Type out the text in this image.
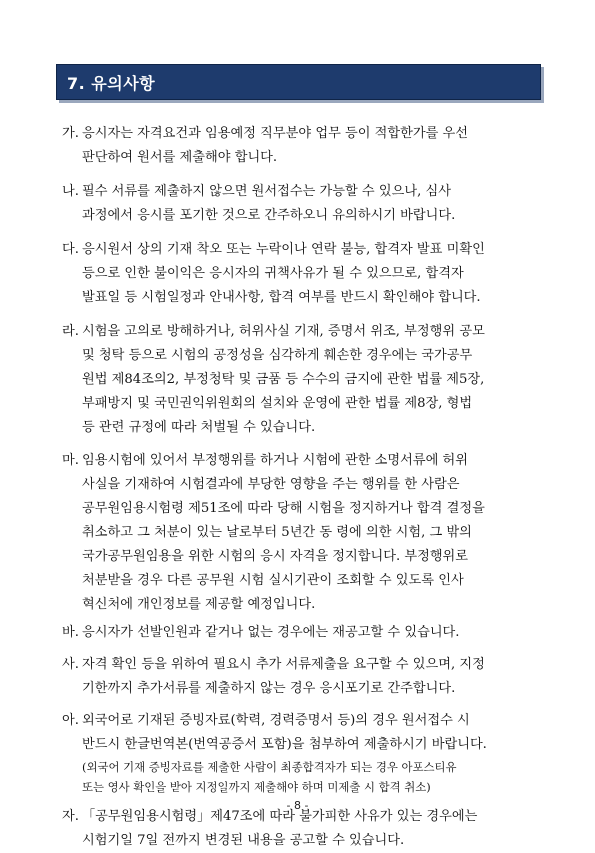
7. 유의사항
가. 응시자는 자격요건과 임용예정 직무분야 업무 등이 적합한가를 우선
판단하여 원서를 제출해야 합니다.
나. 필수 서류를 제출하지 않으면 원서접수는 가능할 수 있으나, 심사
과정에서 응시를 포기한 것으로 간주하오니 유의하시기 바랍니다.
다. 응시원서 상의 기재 착오 또는 누락이나 연락 불능, 합격자 발표 미확인
등으로 인한 불이익은 응시자의 귀책사유가 될 수 있으므로, 합격자
발표일 등 시험일정과 안내사항, 합격 여부를 반드시 확인해야 합니다.
라. 시험을 고의로 방해하거나, 허위사실 기재, 증명서 위조, 부정행위 공모
및 청탁 등으로 시험의 공정성을 심각하게 훼손한 경우에는 국가공무
원법 제84조의2, 부정청탁 및 금품 등 수수의 금지에 관한 법률 제5장,
부패방지 및 국민권익위원회의 설치와 운영에 관한 법률 제8장, 형법
등 관련 규정에 따라 처벌될 수 있습니다.
마. 임용시험에 있어서 부정행위를 하거나 시험에 관한 소명서류에 허위
사실을 기재하여 시험결과에 부당한 영향을 주는 행위를 한 사람은
공무원임용시험령 제51조에 따라 당해 시험을 정지하거나 합격 결정을
취소하고 그 처분이 있는 날로부터 5년간 동 령에 의한 시험, 그 밖의
국가공무원임용을 위한 시험의 응시 자격을 정지합니다. 부정행위로
처분받을 경우 다른 공무원 시험 실시기관이 조회할 수 있도록 인사
혁신처에 개인정보를 제공할 예정입니다.
바. 응시자가 선발인원과 같거나 없는 경우에는 재공고할 수 있습니다.
사. 자격 확인 등을 위하여 필요시 추가 서류제출을 요구할 수 있으며, 지정
기한까지 추가서류를 제출하지 않는 경우 응시포기로 간주합니다.
아. 외국어로 기재된 증빙자료(학력, 경력증명서 등)의 경우 원서접수 시
반드시 한글번역본(번역공증서 포함)을 첨부하여 제출하시기 바랍니다.
(외국어 기재 증빙자료를 제출한 사람이 최종합격자가 되는 경우 아포스티유
또는 영사 확인을 받아 지정일까지 제출해야 하며 미제출 시 합격 취소)
자. 「공무원임용시험령」제47조에 따라 불가피한 사유가 있는 경우에는
시험기일 7일 전까지 변경된 내용을 공고할 수 있습니다.
- 8 -
